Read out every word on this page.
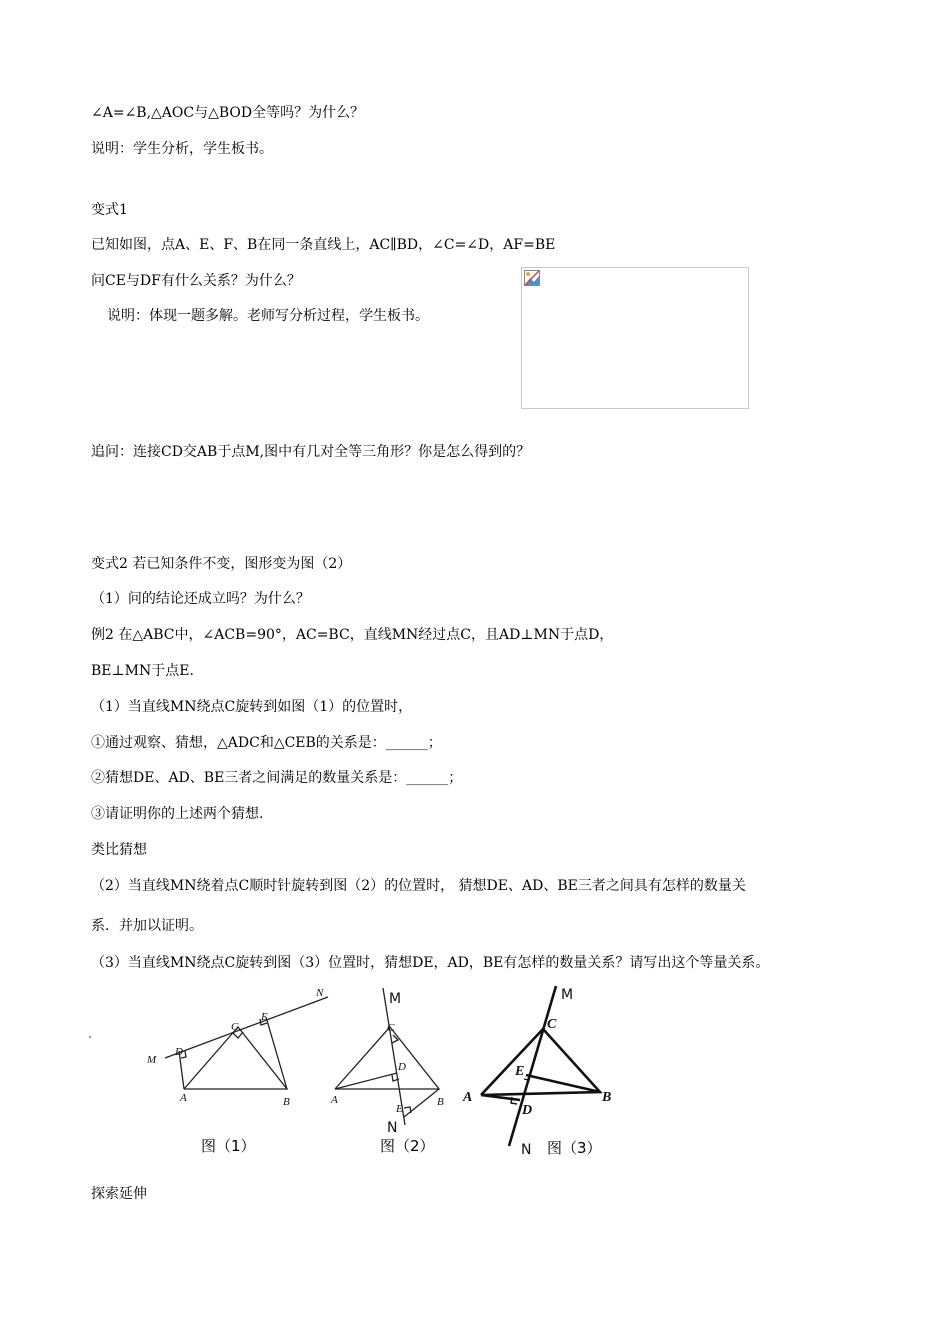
∠A=∠B,△AOC与△BOD全等吗？为什么？
说明：学生分析，学生板书。
变式1
已知如图，点A、E、F、B在同一条直线上，AC∥BD，∠C=∠D，AF=BE
问CE与DF有什么关系？为什么？
说明：体现一题多解。老师写分析过程，学生板书。
追问：连接CD交AB于点M,图中有几对全等三角形？你是怎么得到的？
变式2 若已知条件不变，图形变为图（2）
（1）问的结论还成立吗？为什么？
例2 在△ABC中，∠ACB=90°，AC=BC，直线MN经过点C，且AD⊥MN于点D，
BE⊥MN于点E.
（1）当直线MN绕点C旋转到如图（1）的位置时，
①通过观察、猜想，△ADC和△CEB的关系是：______；
②猜想DE、AD、BE三者之间满足的数量关系是：______；
③请证明你的上述两个猜想.
类比猜想
（2）当直线MN绕着点C顺时针旋转到图（2）的位置时， 猜想DE、AD、BE三者之间具有怎样的数量关
系．并加以证明。
（3）当直线MN绕点C旋转到图（3）位置时，猜想DE，AD，BE有怎样的数量关系？请写出这个等量关系。
探索延伸
N
M
D
C
E
A	B
C
D
E
A	B
M
N
M
N
C
E
A
D
B
图（1）	图（2）	图（3）
